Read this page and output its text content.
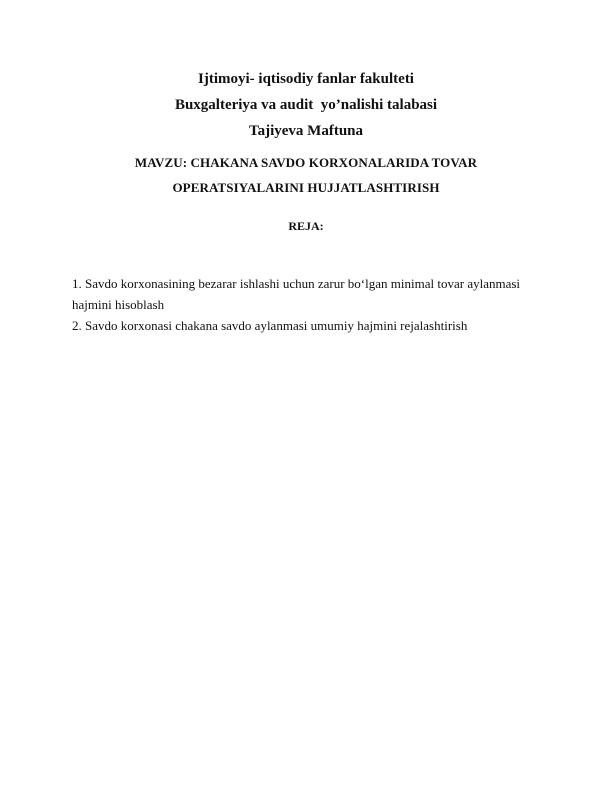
Ijtimoyi- iqtisodiy fanlar fakulteti
Buxgalteriya va audit  yo’nalishi talabasi
Tajiyeva Maftuna
MAVZU: CHAKANA SAVDO KORXONALARIDA TOVAR
OPERATSIYALARINI HUJJATLASHTIRISH
REJA:
1. Savdo korxonasining bezarar ishlashi uchun zarur bo‘lgan minimal tovar aylanmasi hajmini hisoblash
2. Savdo korxonasi chakana savdo aylanmasi umumiy hajmini rejalashtirish
